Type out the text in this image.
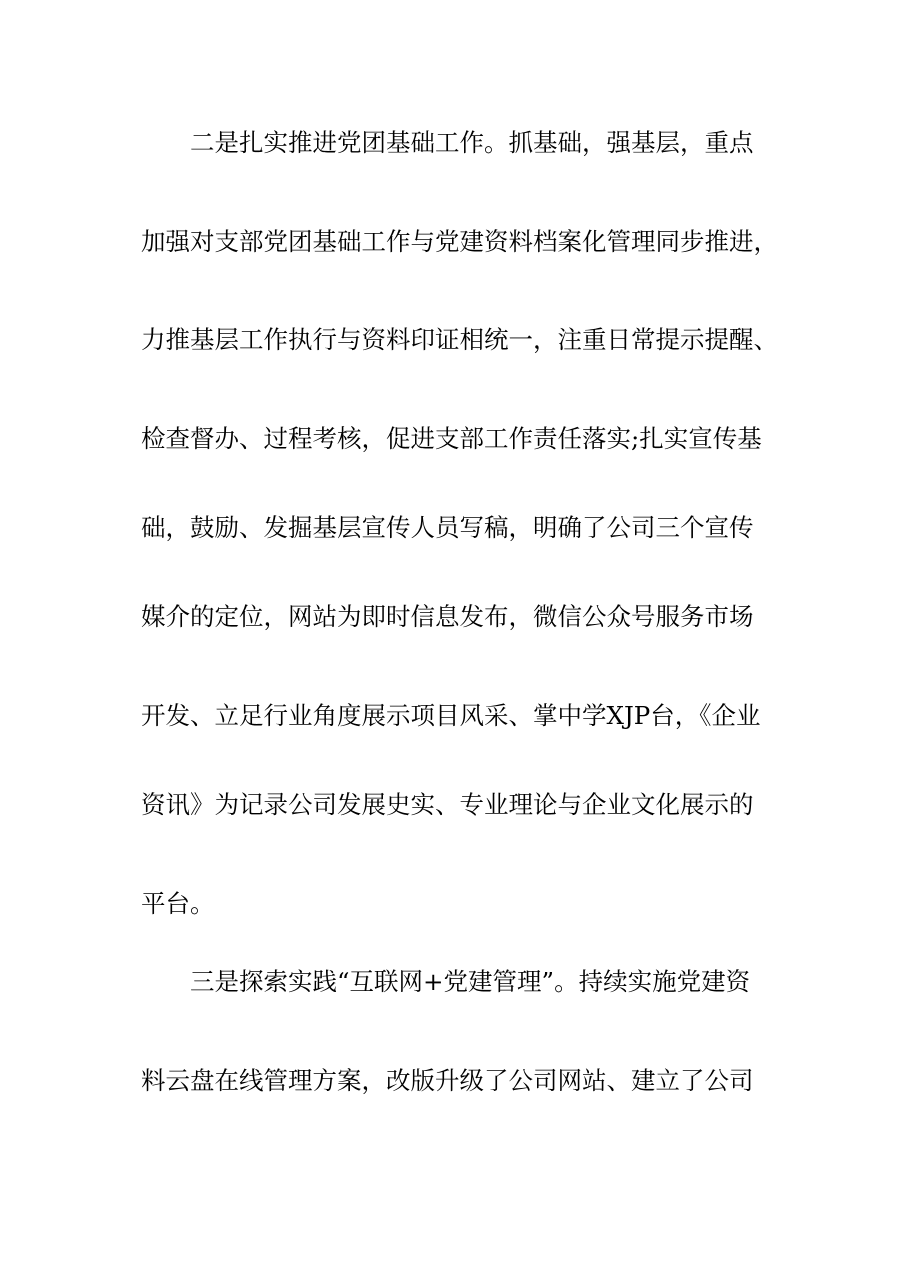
二是扎实推进党团基础工作。抓基础，强基层，重点
加强对支部党团基础工作与党建资料档案化管理同步推进，
力推基层工作执行与资料印证相统一，注重日常提示提醒、
检查督办、过程考核，促进支部工作责任落实;扎实宣传基
础，鼓励、发掘基层宣传人员写稿，明确了公司三个宣传
媒介的定位，网站为即时信息发布，微信公众号服务市场
开发、立足行业角度展示项目风采、掌中学XJP台，《企业
资讯》为记录公司发展史实、专业理论与企业文化展示的
平台。
三是探索实践“互联网+党建管理”。持续实施党建资
料云盘在线管理方案，改版升级了公司网站、建立了公司
